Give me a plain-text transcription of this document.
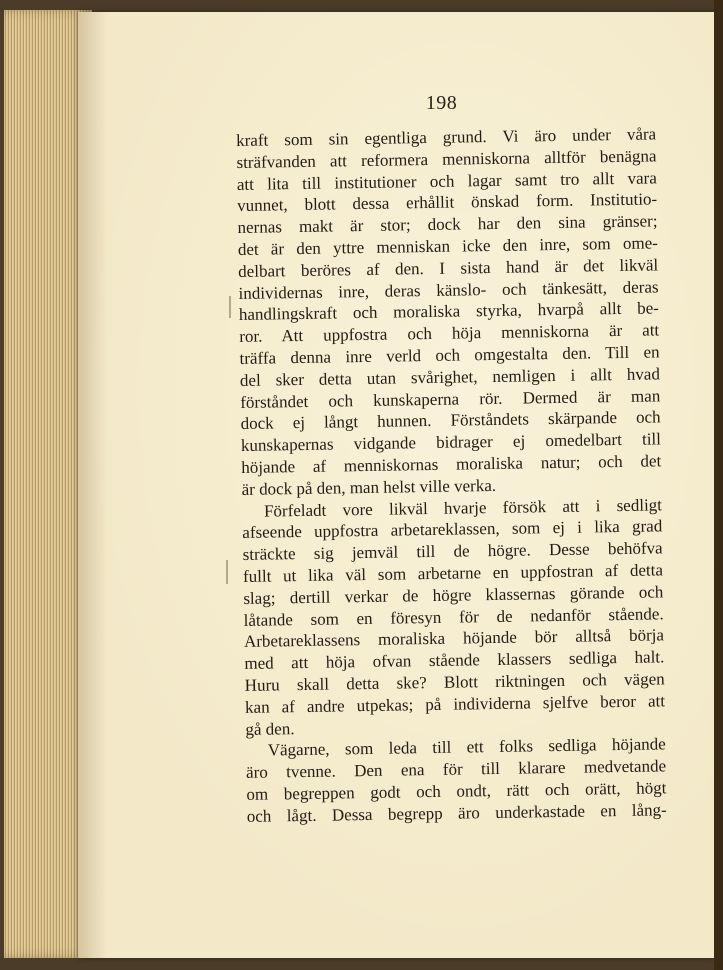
198
kraft som sin egentliga grund. Vi äro under våra
sträfvanden att reformera menniskorna alltför benägna
att lita till institutioner och lagar samt tro allt vara
vunnet, blott dessa erhållit önskad form. Institutio-
nernas makt är stor; dock har den sina gränser;
det är den yttre menniskan icke den inre, som ome-
delbart beröres af den. I sista hand är det likväl
individernas inre, deras känslo- och tänkesätt, deras
handlingskraft och moraliska styrka, hvarpå allt be-
ror. Att uppfostra och höja menniskorna är att
träffa denna inre verld och omgestalta den. Till en
del sker detta utan svårighet, nemligen i allt hvad
förståndet och kunskaperna rör. Dermed är man
dock ej långt hunnen. Förståndets skärpande och
kunskapernas vidgande bidrager ej omedelbart till
höjande af menniskornas moraliska natur; och det
är dock på den, man helst ville verka.
Förfeladt vore likväl hvarje försök att i sedligt
afseende uppfostra arbetareklassen, som ej i lika grad
sträckte sig jemväl till de högre. Desse behöfva
fullt ut lika väl som arbetarne en uppfostran af detta
slag; dertill verkar de högre klassernas görande och
låtande som en föresyn för de nedanför stående.
Arbetareklassens moraliska höjande bör alltså börja
med att höja ofvan stående klassers sedliga halt.
Huru skall detta ske? Blott riktningen och vägen
kan af andre utpekas; på individerna sjelfve beror att
gå den.
Vägarne, som leda till ett folks sedliga höjande
äro tvenne. Den ena för till klarare medvetande
om begreppen godt och ondt, rätt och orätt, högt
och lågt. Dessa begrepp äro underkastade en lång-
